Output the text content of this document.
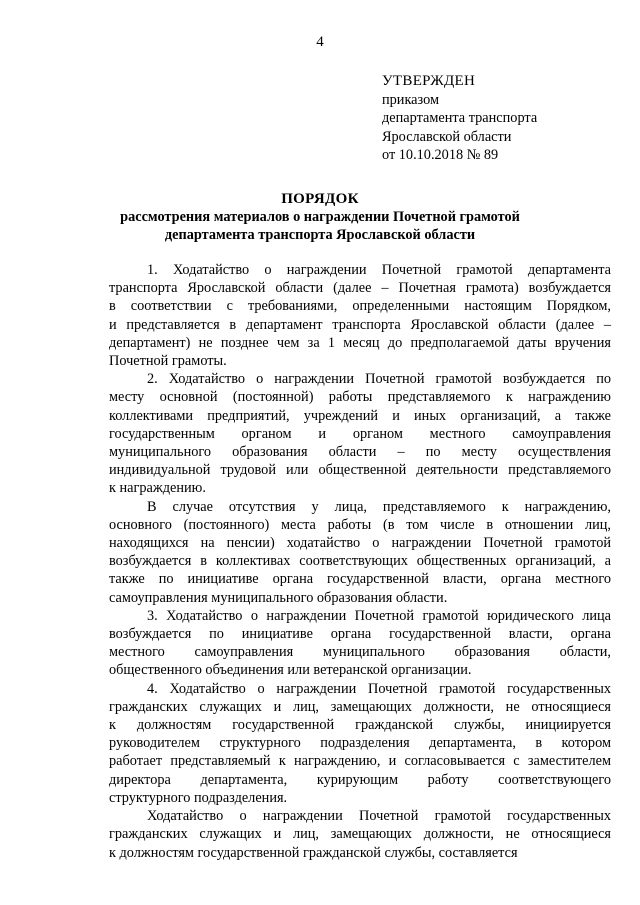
4
УТВЕРЖДЕН
приказом
департамента транспорта
Ярославской области
от 10.10.2018 № 89
ПОРЯДОК
рассмотрения материалов о награждении Почетной грамотой
департамента транспорта Ярославской области

1. Ходатайство о награждении Почетной грамотой департамента
транспорта Ярославской области (далее – Почетная грамота) возбуждается
в соответствии с требованиями, определенными настоящим Порядком,
и представляется в департамент транспорта Ярославской области (далее –
департамент) не позднее чем за 1 месяц до предполагаемой даты вручения
Почетной грамоты.

2. Ходатайство о награждении Почетной грамотой возбуждается по
месту основной (постоянной) работы представляемого к награждению
коллективами предприятий, учреждений и иных организаций, а также
государственным органом и органом местного самоуправления
муниципального образования области – по месту осуществления
индивидуальной трудовой или общественной деятельности представляемого
к награждению.

В случае отсутствия у лица, представляемого к награждению,
основного (постоянного) места работы (в том числе в отношении лиц,
находящихся на пенсии) ходатайство о награждении Почетной грамотой
возбуждается в коллективах соответствующих общественных организаций, а
также по инициативе органа государственной власти, органа местного
самоуправления муниципального образования области.

3. Ходатайство о награждении Почетной грамотой юридического лица
возбуждается по инициативе органа государственной власти, органа
местного самоуправления муниципального образования области,
общественного объединения или ветеранской организации.

4. Ходатайство о награждении Почетной грамотой государственных
гражданских служащих и лиц, замещающих должности, не относящиеся
к должностям государственной гражданской службы, инициируется
руководителем структурного подразделения департамента, в котором
работает представляемый к награждению, и согласовывается с заместителем
директора департамента, курирующим работу соответствующего
структурного подразделения.

Ходатайство о награждении Почетной грамотой государственных
гражданских служащих и лиц, замещающих должности, не относящиеся
к должностям государственной гражданской службы, составляется
